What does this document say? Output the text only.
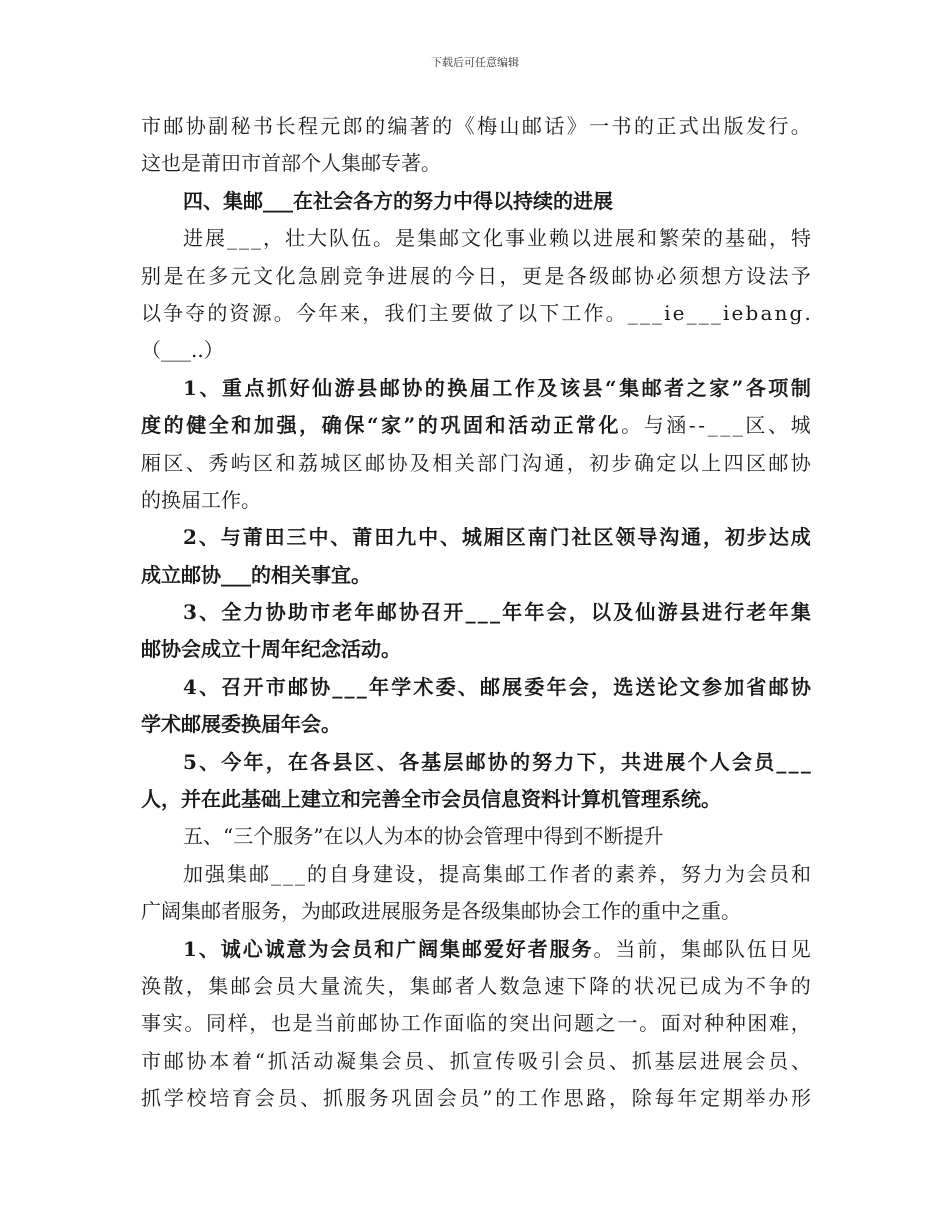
下载后可任意编辑
市 邮 协 副 秘 书 长 程 元 郎 的 编 著 的 《 梅 山 邮 话 》 一 书 的 正 式 出 版 发 行 。
这 也 是 莆 田 市 首 部 个 人 集 邮 专 著 。
四 、 集 邮 _ _ _ 在 社 会 各 方 的 努 力 中 得 以 持 续 的 进 展
进 展 _ _ _ ， 壮 大 队 伍 。 是 集 邮 文 化 事 业 赖 以 进 展 和 繁 荣 的 基 础 ， 特
别 是 在 多 元 文 化 急 剧 竞 争 进 展 的 今 日 ， 更 是 各 级 邮 协 必 须 想 方 设 法 予
以 争 夺 的 资 源 。 今 年 来 ， 我 们 主 要 做 了 以 下 工 作 。 _ _ _ i e _ _ _ i e b a n g .
（ _ _ _ . . ）
1 、 重 点 抓 好 仙 游 县 邮 协 的 换 届 工 作 及 该 县 “ 集 邮 者 之 家 ” 各 项 制
度 的 健 全 和 加 强 ， 确 保 “ 家 ” 的 巩 固 和 活 动 正 常 化 。 与 涵 - - _ _ _ 区 、 城
厢 区 、 秀 屿 区 和 荔 城 区 邮 协 及 相 关 部 门 沟 通 ， 初 步 确 定 以 上 四 区 邮 协
的 换 届 工 作 。
2 、 与 莆 田 三 中 、 莆 田 九 中 、 城 厢 区 南 门 社 区 领 导 沟 通 ， 初 步 达 成
成 立 邮 协 _ _ _ 的 相 关 事 宜 。
3 、 全 力 协 助 市 老 年 邮 协 召 开 _ _ _ 年 年 会 ， 以 及 仙 游 县 进 行 老 年 集
邮 协 会 成 立 十 周 年 纪 念 活 动 。
4 、 召 开 市 邮 协 _ _ _ 年 学 术 委 、 邮 展 委 年 会 ， 选 送 论 文 参 加 省 邮 协
学 术 邮 展 委 换 届 年 会 。
5 、 今 年 ， 在 各 县 区 、 各 基 层 邮 协 的 努 力 下 ， 共 进 展 个 人 会 员 _ _ _
人 ， 并 在 此 基 础 上 建 立 和 完 善 全 市 会 员 信 息 资 料 计 算 机 管 理 系 统 。
五 、 “ 三 个 服 务 ” 在 以 人 为 本 的 协 会 管 理 中 得 到 不 断 提 升
加 强 集 邮 _ _ _ 的 自 身 建 设 ， 提 高 集 邮 工 作 者 的 素 养 ， 努 力 为 会 员 和
广 阔 集 邮 者 服 务 ， 为 邮 政 进 展 服 务 是 各 级 集 邮 协 会 工 作 的 重 中 之 重 。
1 、 诚 心 诚 意 为 会 员 和 广 阔 集 邮 爱 好 者 服 务 。 当 前 ， 集 邮 队 伍 日 见
涣 散 ， 集 邮 会 员 大 量 流 失 ， 集 邮 者 人 数 急 速 下 降 的 状 况 已 成 为 不 争 的
事 实 。 同 样 ， 也 是 当 前 邮 协 工 作 面 临 的 突 出 问 题 之 一 。 面 对 种 种 困 难 ，
市 邮 协 本 着 “ 抓 活 动 凝 集 会 员 、 抓 宣 传 吸 引 会 员 、 抓 基 层 进 展 会 员 、
抓 学 校 培 育 会 员 、 抓 服 务 巩 固 会 员 ” 的 工 作 思 路 ， 除 每 年 定 期 举 办 形
